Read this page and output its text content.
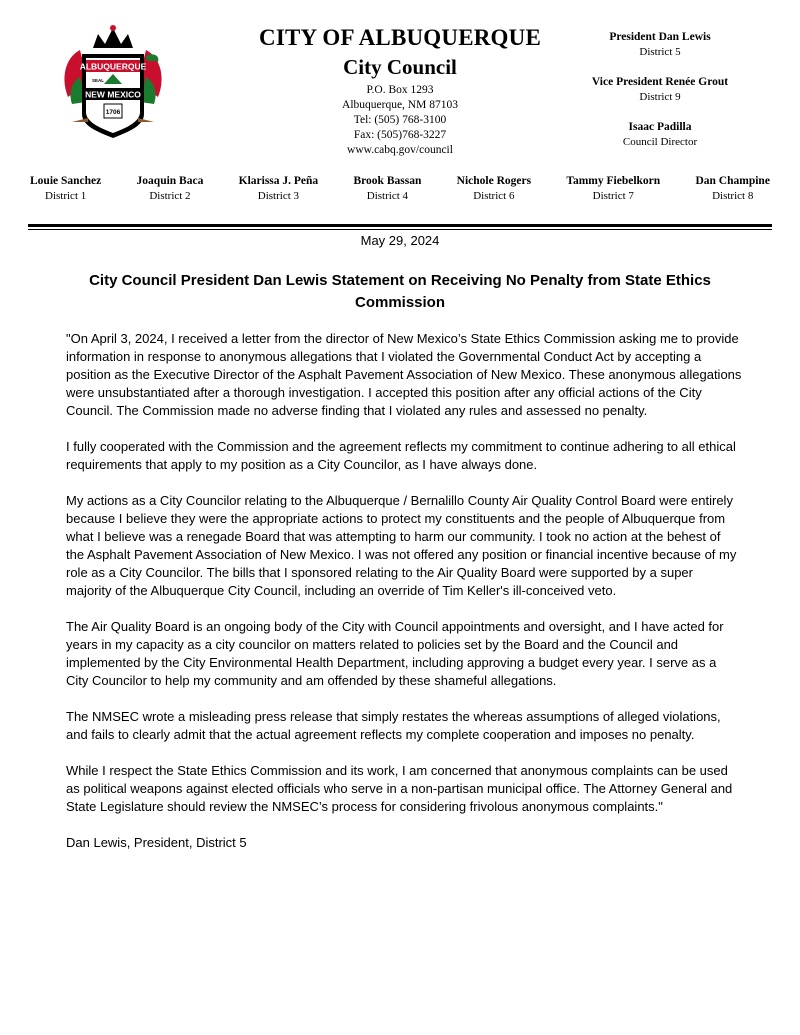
ALBUQUERQUE
SEAL
NEW MEXICO
1706
CITY OF ALBUQUERQUE
City Council
P.O. Box 1293
Albuquerque, NM 87103
Tel: (505) 768-3100
Fax: (505)768-3227
www.cabq.gov/council
President Dan Lewis
District 5
Vice President Renée Grout
District 9
Isaac Padilla
Council Director
Louie Sanchez
District 1
Joaquin Baca
District 2
Klarissa J. Peña
District 3
Brook Bassan
District 4
Nichole Rogers
District 6
Tammy Fiebelkorn
District 7
Dan Champine
District 8
May 29, 2024
City Council President Dan Lewis Statement on Receiving No Penalty from State Ethics Commission

"On April 3, 2024, I received a letter from the director of New Mexico’s State Ethics Commission asking me to provide information in response to anonymous allegations that I violated the Governmental Conduct Act by accepting a position as the Executive Director of the Asphalt Pavement Association of New Mexico. These anonymous allegations were unsubstantiated after a thorough investigation. I accepted this position after any official actions of the City Council. The Commission made no adverse finding that I violated any rules and assessed no penalty.

I fully cooperated with the Commission and the agreement reflects my commitment to continue adhering to all ethical requirements that apply to my position as a City Councilor, as I have always done.

My actions as a City Councilor relating to the Albuquerque / Bernalillo County Air Quality Control Board were entirely because I believe they were the appropriate actions to protect my constituents and the people of Albuquerque from what I believe was a renegade Board that was attempting to harm our community. I took no action at the behest of the Asphalt Pavement Association of New Mexico. I was not offered any position or financial incentive because of my role as a City Councilor. The bills that I sponsored relating to the Air Quality Board were supported by a super majority of the Albuquerque City Council, including an override of Tim Keller's ill-conceived veto.

The Air Quality Board is an ongoing body of the City with Council appointments and oversight, and I have acted for years in my capacity as a city councilor on matters related to policies set by the Board and the Council and implemented by the City Environmental Health Department, including approving a budget every year. I serve as a City Councilor to help my community and am offended by these shameful allegations.

The NMSEC wrote a misleading press release that simply restates the whereas assumptions of alleged violations, and fails to clearly admit that the actual agreement reflects my complete cooperation and imposes no penalty.

While I respect the State Ethics Commission and its work, I am concerned that anonymous complaints can be used as political weapons against elected officials who serve in a non-partisan municipal office. The Attorney General and State Legislature should review the NMSEC’s process for considering frivolous anonymous complaints."

Dan Lewis, President, District 5
